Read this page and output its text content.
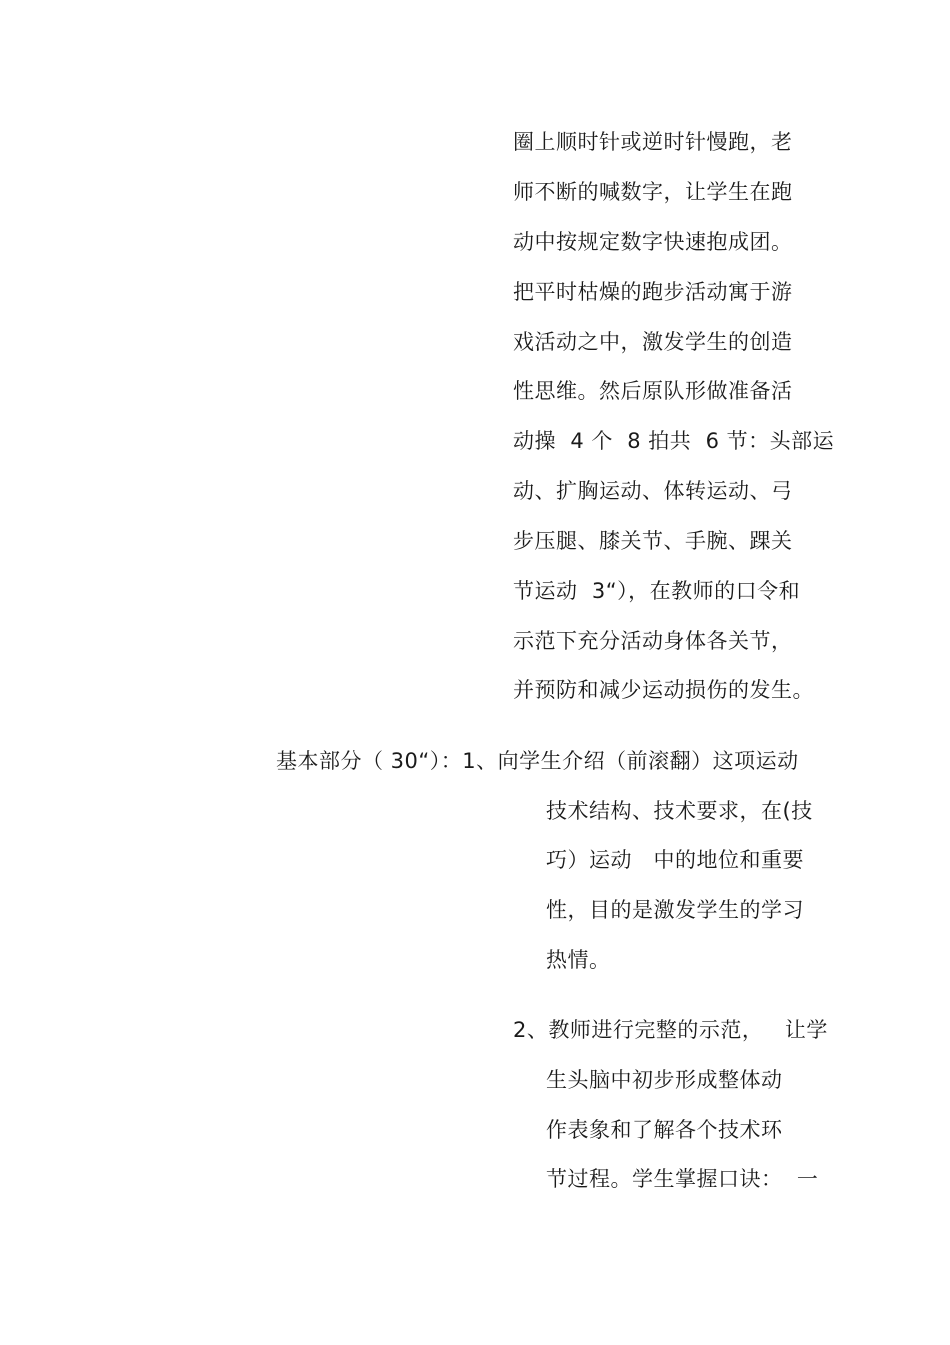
圈上顺时针或逆时针慢跑，老
师不断的喊数字，让学生在跑
动中按规定数字快速抱成团。
把平时枯燥的跑步活动寓于游
戏活动之中，激发学生的创造
性思维。然后原队形做准备活
动操  4 个  8 拍共  6 节：头部运
动、扩胸运动、体转运动、弓
步压腿、膝关节、手腕、踝关
节运动  3“），在教师的口令和
示范下充分活动身体各关节，
并预防和减少运动损伤的发生。
基本部分（ 30“）：1、向学生介绍（前滚翻）这项运动
技术结构、技术要求，在(技
巧）运动   中的地位和重要
性，目的是激发学生的学习
热情。
2、教师进行完整的示范，   让学
生头脑中初步形成整体动
作表象和了解各个技术环
节过程。学生掌握口诀：  一
